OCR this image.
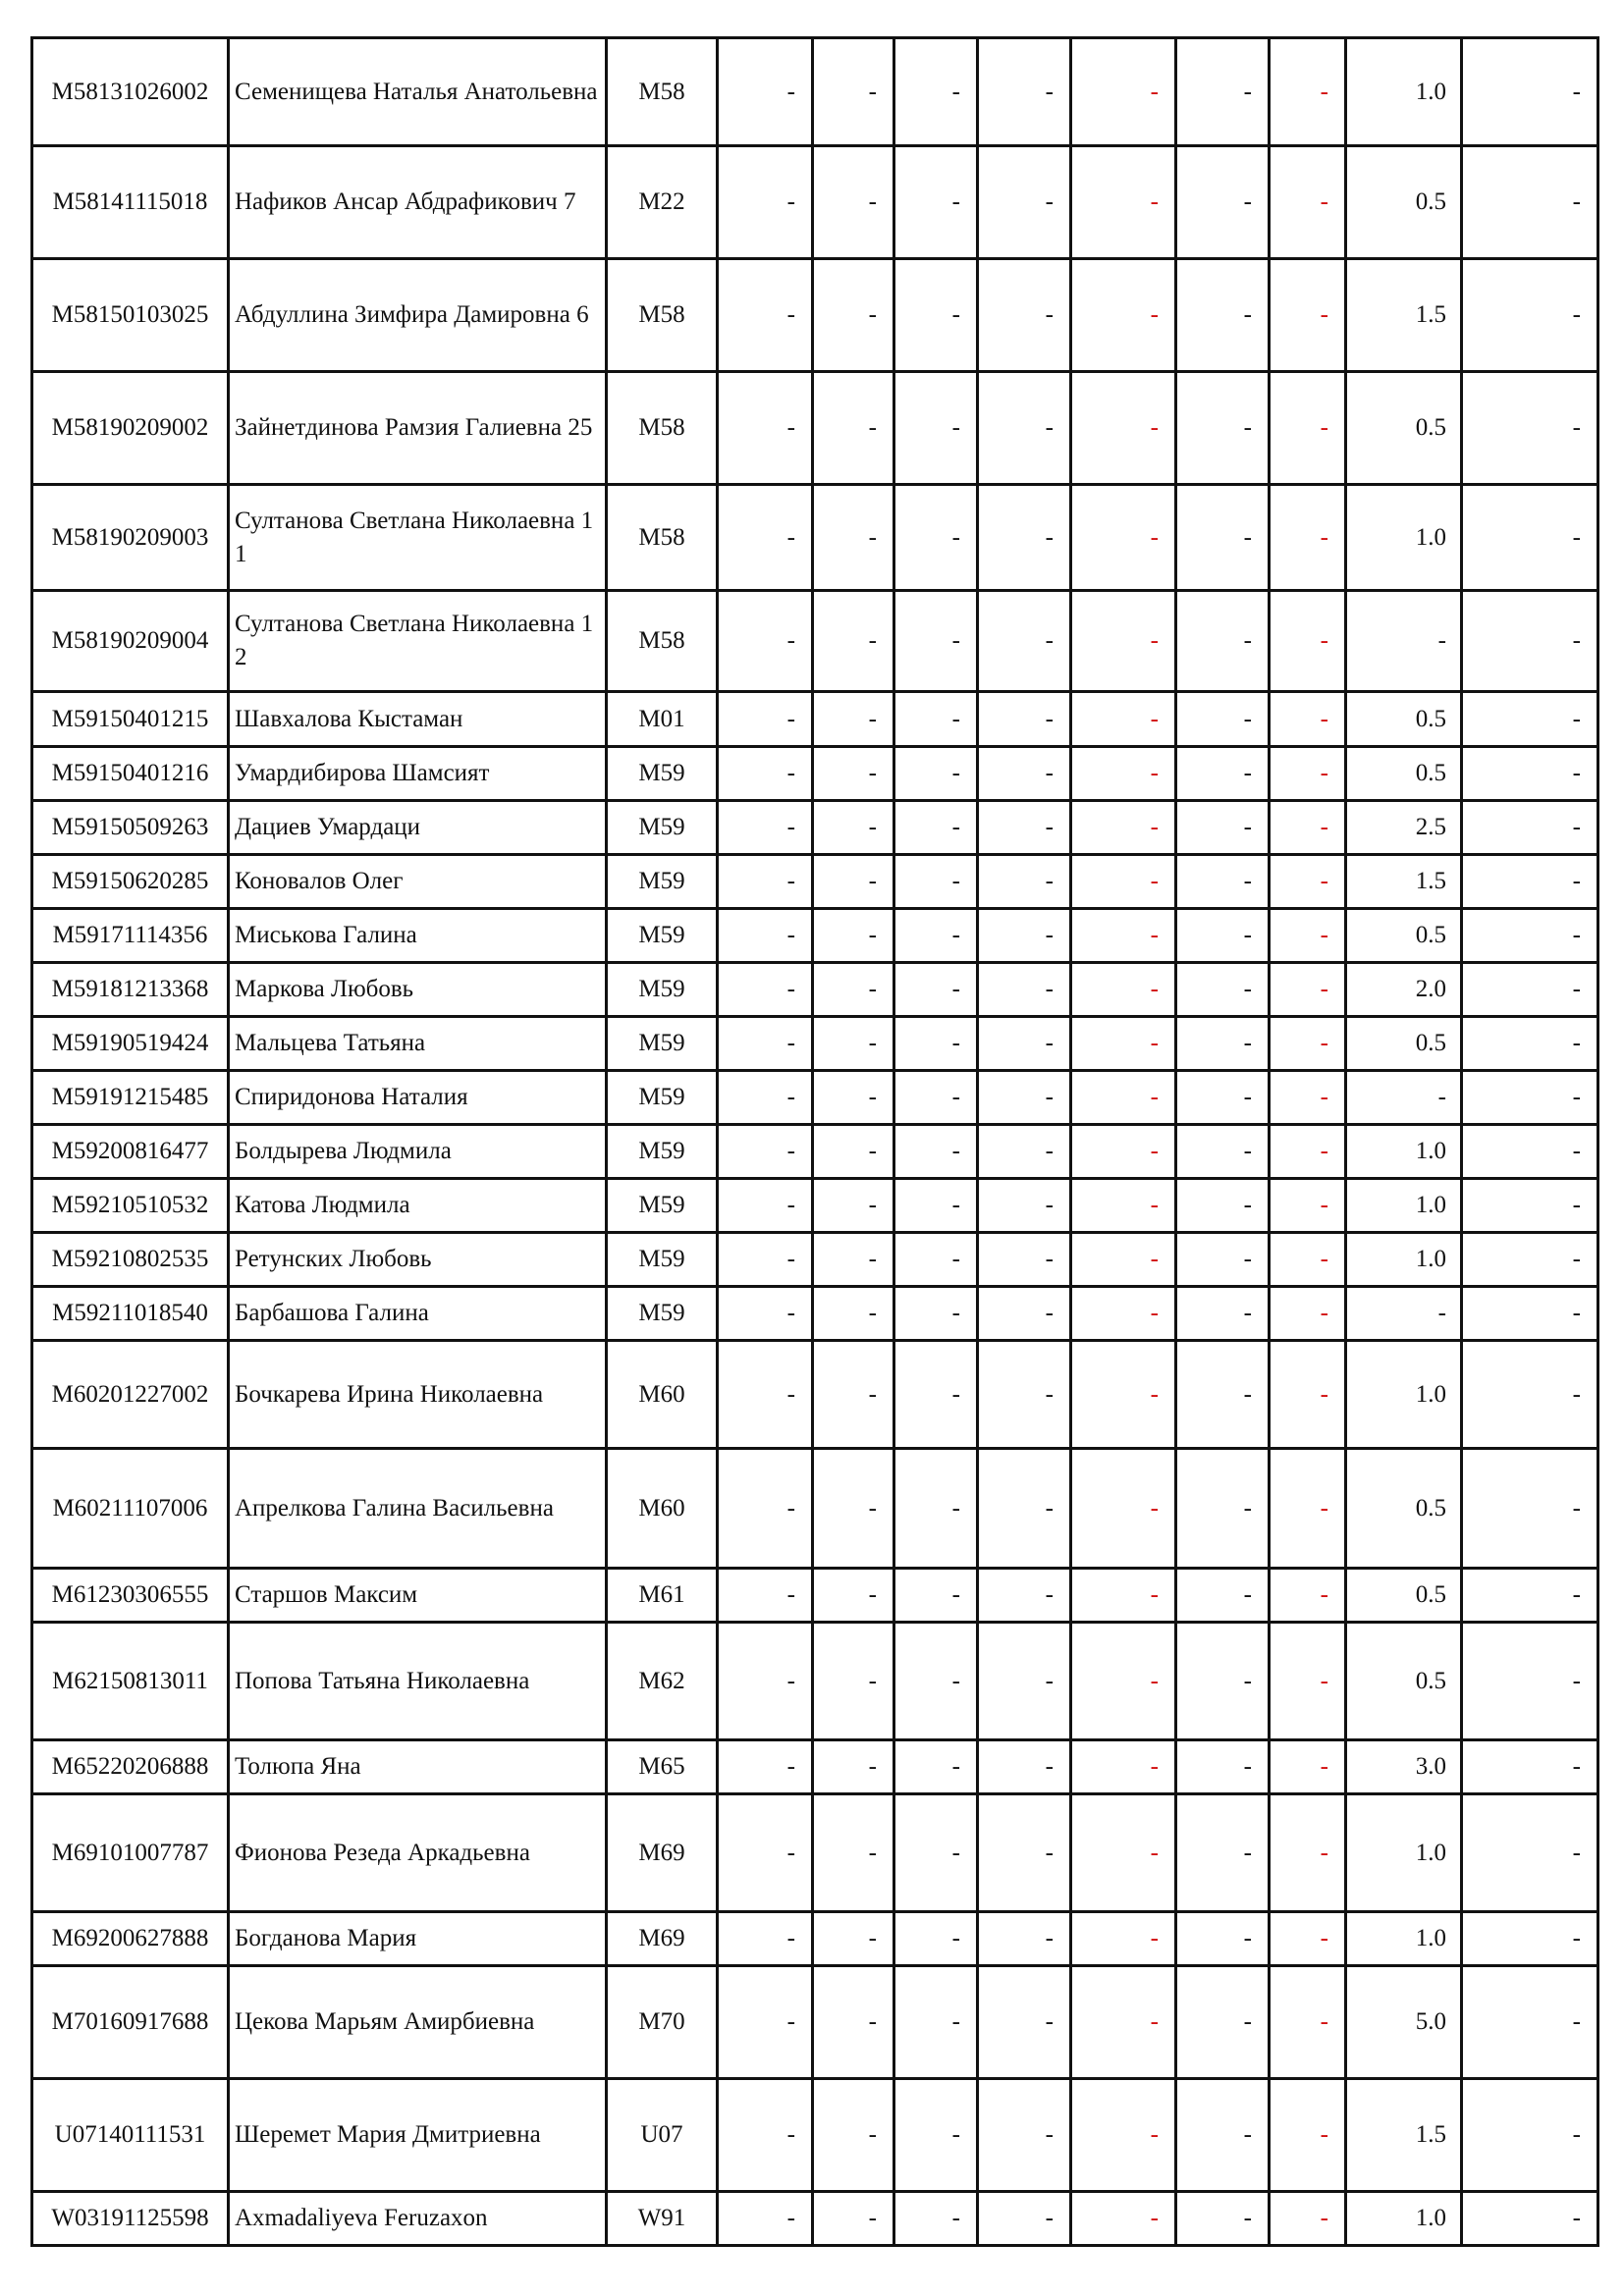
M58131026002	Семенищева Наталья Анатольевна	M58	-	-	-	-	-	-	-	1.0	-
M58141115018	Нафиков Ансар Абдрафикович 7	M22	-	-	-	-	-	-	-	0.5	-
M58150103025	Абдуллина Зимфира Дамировна 6	M58	-	-	-	-	-	-	-	1.5	-
M58190209002	Зайнетдинова Рамзия Галиевна 25	M58	-	-	-	-	-	-	-	0.5	-
M58190209003	Султанова Светлана Николаевна 11	M58	-	-	-	-	-	-	-	1.0	-
M58190209004	Султанова Светлана Николаевна 12	M58	-	-	-	-	-	-	-	-	-
M59150401215	Шавхалова Кыстаман	M01	-	-	-	-	-	-	-	0.5	-
M59150401216	Умардибирова Шамсият	M59	-	-	-	-	-	-	-	0.5	-
M59150509263	Дациев Умардаци	M59	-	-	-	-	-	-	-	2.5	-
M59150620285	Коновалов Олег	M59	-	-	-	-	-	-	-	1.5	-
M59171114356	Миськова Галина	M59	-	-	-	-	-	-	-	0.5	-
M59181213368	Маркова Любовь	M59	-	-	-	-	-	-	-	2.0	-
M59190519424	Мальцева Татьяна	M59	-	-	-	-	-	-	-	0.5	-
M59191215485	Спиридонова Наталия	M59	-	-	-	-	-	-	-	-	-
M59200816477	Болдырева Людмила	M59	-	-	-	-	-	-	-	1.0	-
M59210510532	Катова Людмила	M59	-	-	-	-	-	-	-	1.0	-
M59210802535	Ретунских Любовь	M59	-	-	-	-	-	-	-	1.0	-
M59211018540	Барбашова Галина	M59	-	-	-	-	-	-	-	-	-
M60201227002	Бочкарева Ирина Николаевна	M60	-	-	-	-	-	-	-	1.0	-
M60211107006	Апрелкова Галина Васильевна	M60	-	-	-	-	-	-	-	0.5	-
M61230306555	Старшов Максим	M61	-	-	-	-	-	-	-	0.5	-
M62150813011	Попова Татьяна Николаевна	M62	-	-	-	-	-	-	-	0.5	-
M65220206888	Толюпа Яна	M65	-	-	-	-	-	-	-	3.0	-
M69101007787	Фионова Резеда Аркадьевна	M69	-	-	-	-	-	-	-	1.0	-
M69200627888	Богданова Мария	M69	-	-	-	-	-	-	-	1.0	-
M70160917688	Цекова Марьям Амирбиевна	M70	-	-	-	-	-	-	-	5.0	-
U07140111531	Шеремет Мария Дмитриевна	U07	-	-	-	-	-	-	-	1.5	-
W03191125598	Axmadaliyeva Feruzaxon	W91	-	-	-	-	-	-	-	1.0	-
